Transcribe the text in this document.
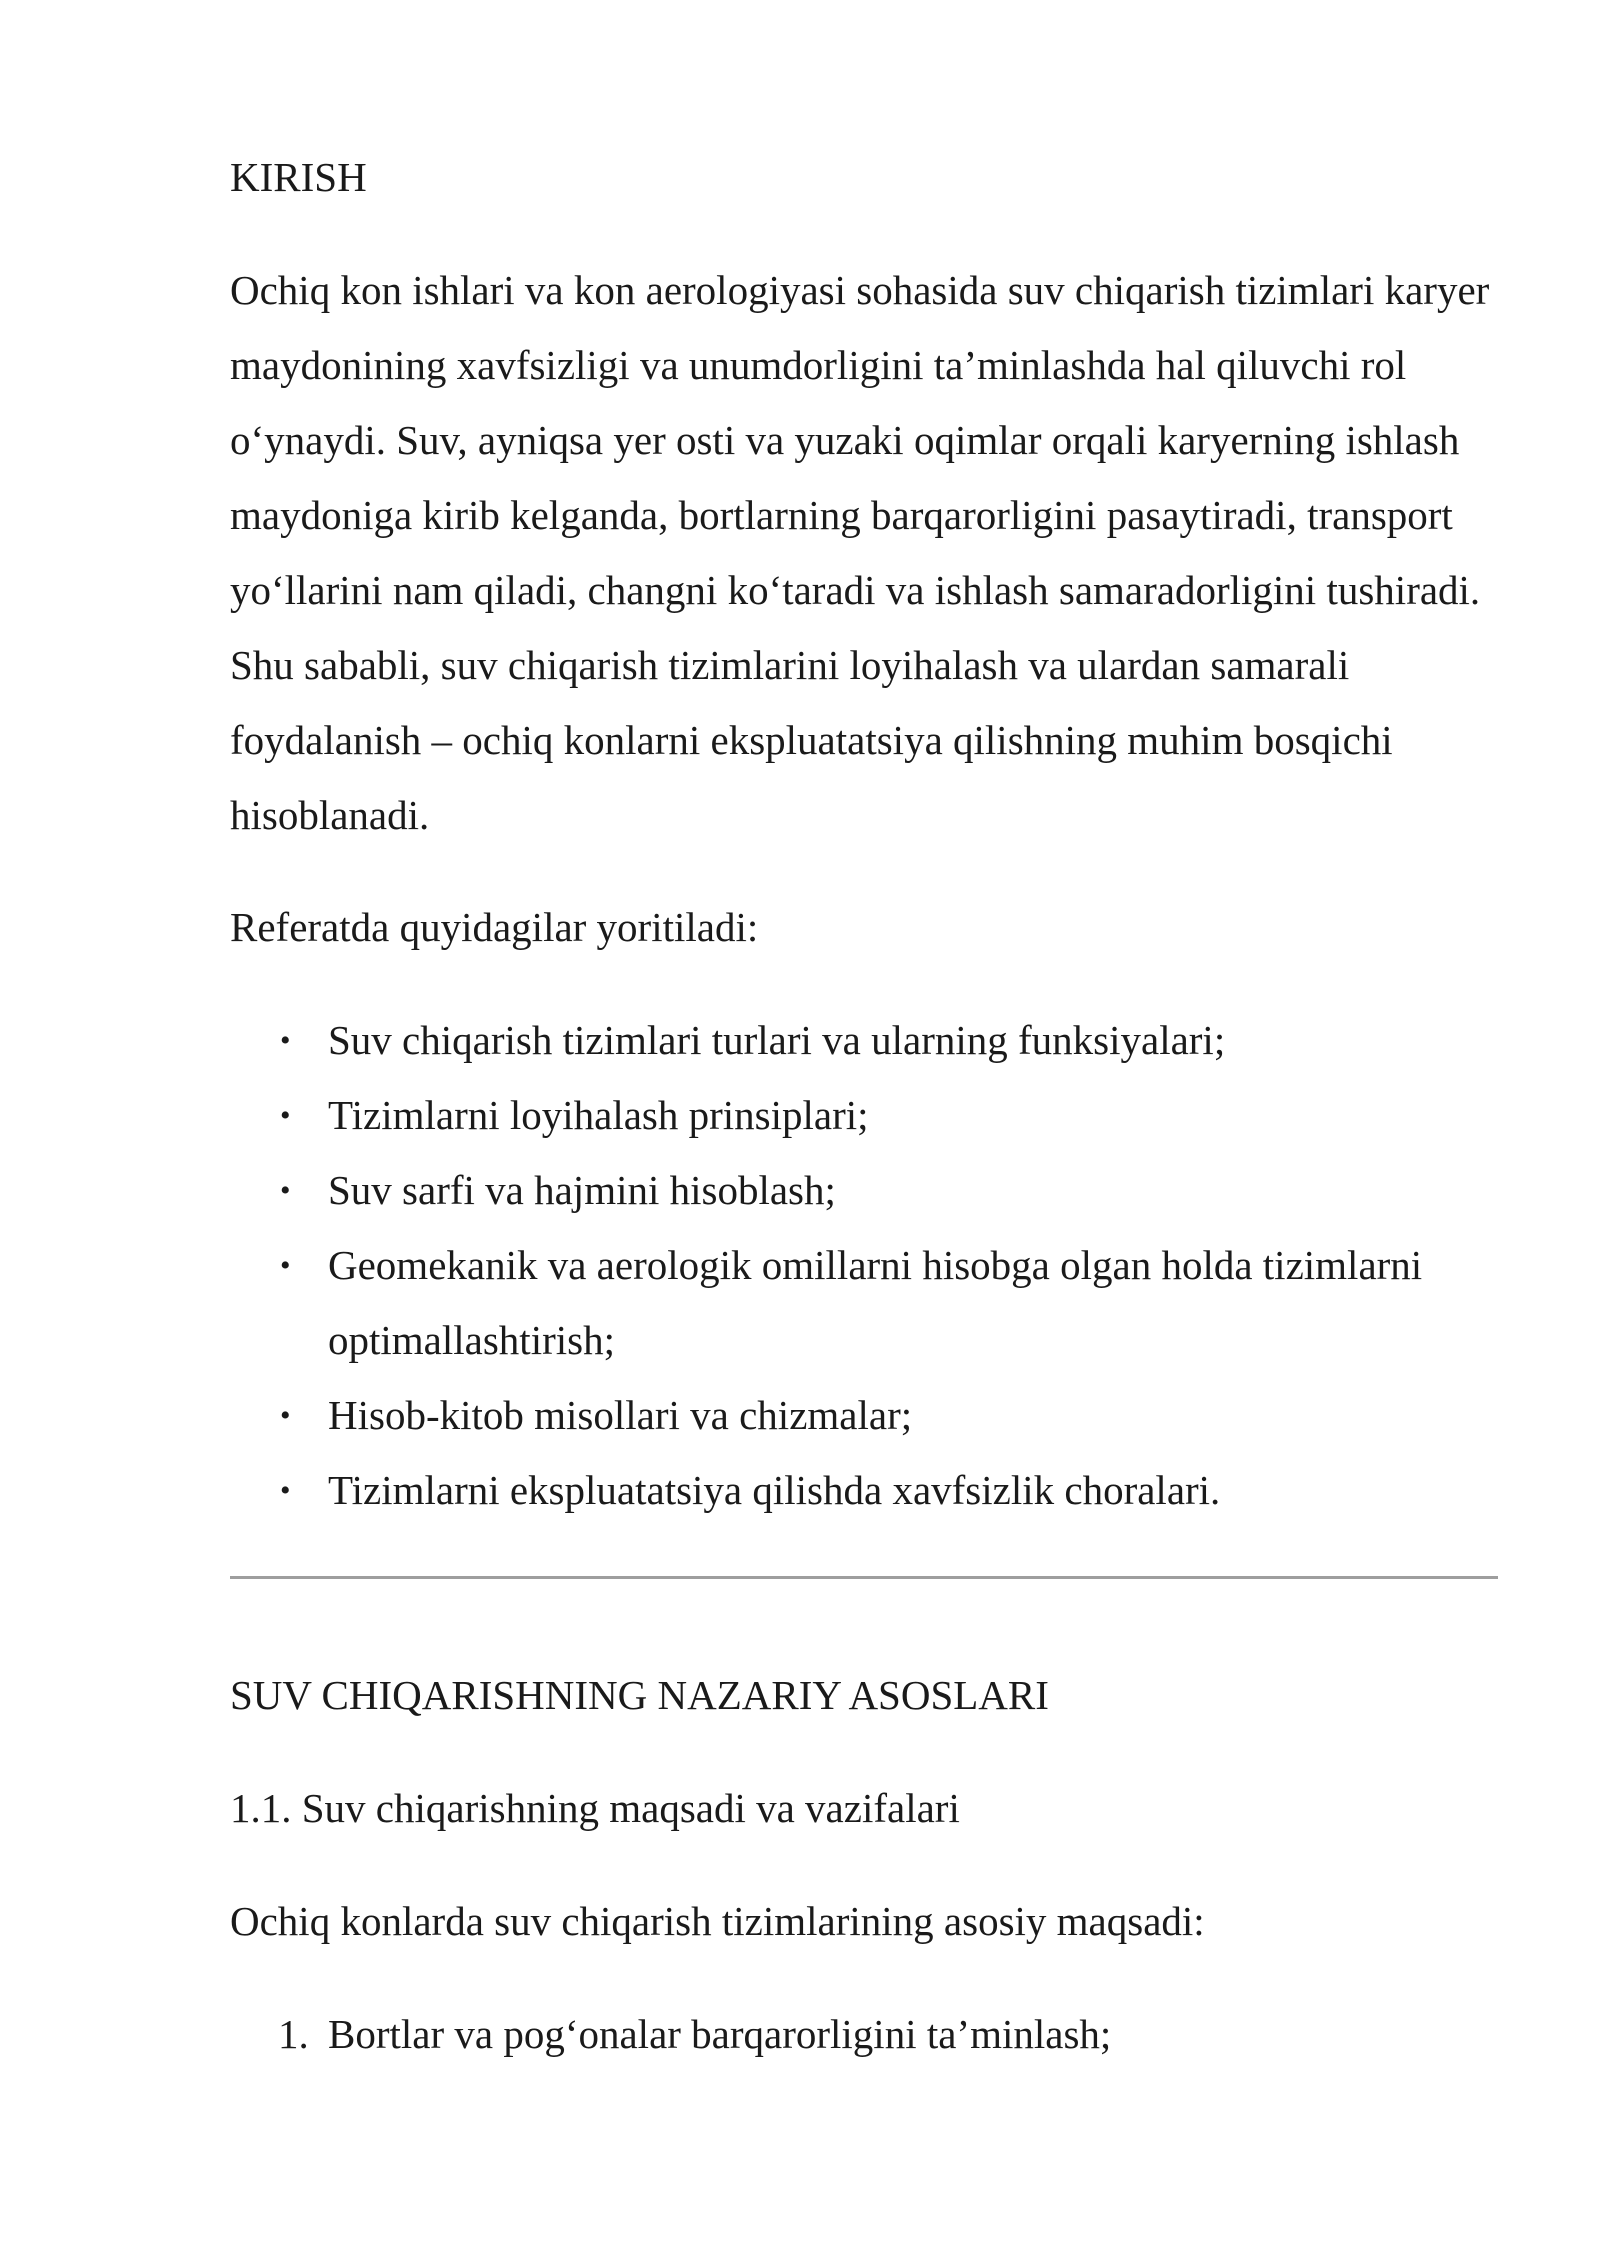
KIRISH

Ochiq kon ishlari va kon aerologiyasi sohasida suv chiqarish tizimlari karyer maydonining xavfsizligi va unumdorligini ta’minlashda hal qiluvchi rol o‘ynaydi. Suv, ayniqsa yer osti va yuzaki oqimlar orqali karyerning ishlash maydoniga kirib kelganda, bortlarning barqarorligini pasaytiradi, transport yo‘llarini nam qiladi, changni ko‘taradi va ishlash samaradorligini tushiradi. Shu sababli, suv chiqarish tizimlarini loyihalash va ulardan samarali foydalanish – ochiq konlarni ekspluatatsiya qilishning muhim bosqichi hisoblanadi.

Referatda quyidagilar yoritiladi:

• Suv chiqarish tizimlari turlari va ularning funksiyalari;
• Tizimlarni loyihalash prinsiplari;
• Suv sarfi va hajmini hisoblash;
• Geomekanik va aerologik omillarni hisobga olgan holda tizimlarni optimallashtirish;
• Hisob-kitob misollari va chizmalar;
• Tizimlarni ekspluatatsiya qilishda xavfsizlik choralari.

SUV CHIQARISHNING NAZARIY ASOSLARI

1.1. Suv chiqarishning maqsadi va vazifalari

Ochiq konlarda suv chiqarish tizimlarining asosiy maqsadi:

1. Bortlar va pog‘onalar barqarorligini ta’minlash;
